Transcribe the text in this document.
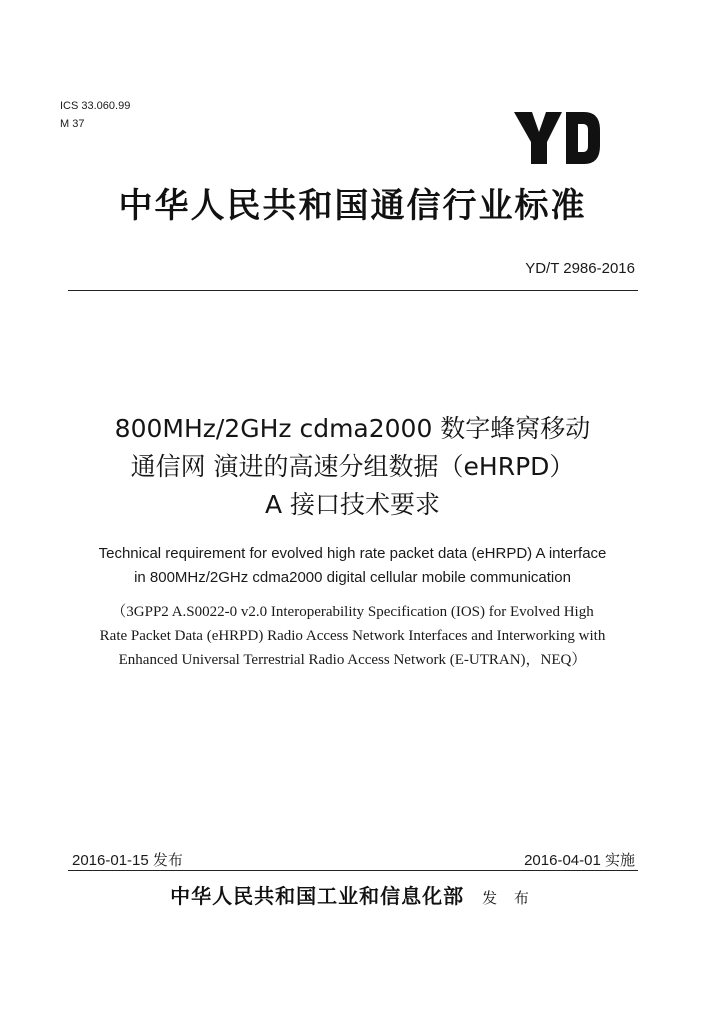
ICS 33.060.99
M 37
中华人民共和国通信行业标准
YD/T 2986-2016
800MHz/2GHz cdma2000 数字蜂窝移动
通信网 演进的高速分组数据（eHRPD）
A 接口技术要求
Technical requirement for evolved high rate packet data (eHRPD) A interface
in 800MHz/2GHz cdma2000 digital cellular mobile communication
（3GPP2 A.S0022-0 v2.0 Interoperability Specification (IOS) for Evolved High
Rate Packet Data (eHRPD) Radio Access Network Interfaces and Interworking with
Enhanced Universal Terrestrial Radio Access Network (E-UTRAN)，NEQ）
2016-01-15 发布	2016-04-01 实施
中华人民共和国工业和信息化部 发 布
